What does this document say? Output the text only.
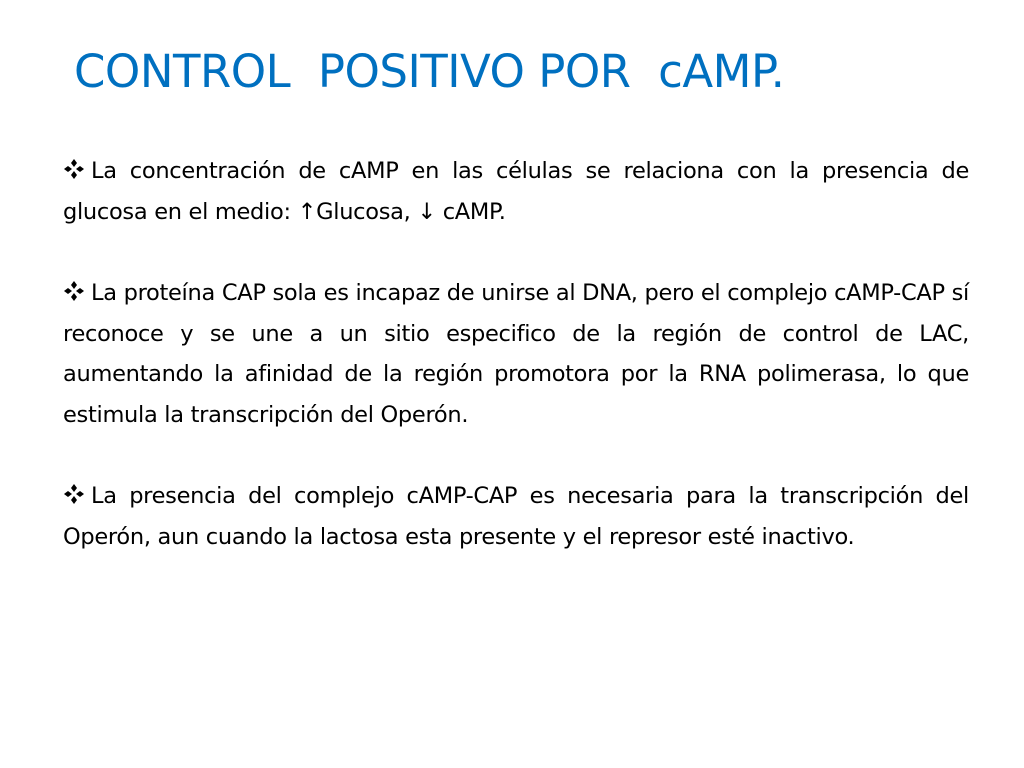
CONTROL  POSITIVO POR  cAMP.

La concentración de cAMP en las células se relaciona con la presencia de glucosa en el medio: ↑Glucosa, ↓ cAMP.

La proteína CAP sola es incapaz de unirse al DNA, pero el complejo cAMP-CAP sí reconoce y se une a un sitio especifico de la región de control de LAC, aumentando la afinidad de la región promotora por la RNA polimerasa, lo que estimula la transcripción del Operón.

La presencia del complejo cAMP-CAP es necesaria para la transcripción del Operón, aun cuando la lactosa esta presente y el represor esté inactivo.
